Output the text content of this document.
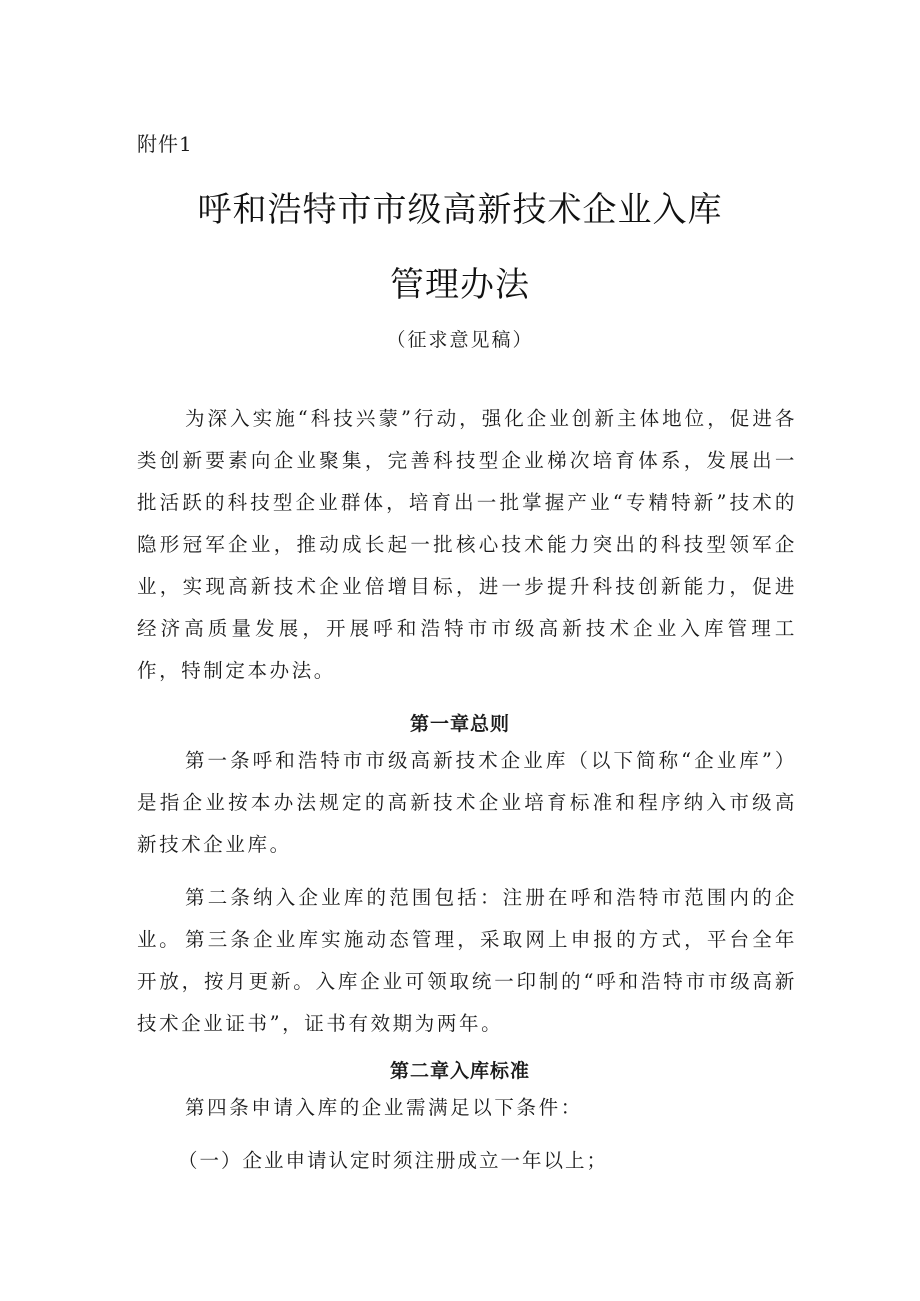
附件1
呼和浩特市市级高新技术企业入库
管理办法
（征求意见稿）

为深入实施“科技兴蒙”行动，强化企业创新主体地位，促进各类创新要素向企业聚集，完善科技型企业梯次培育体系，发展出一批活跃的科技型企业群体，培育出一批掌握产业“专精特新”技术的隐形冠军企业，推动成长起一批核心技术能力突出的科技型领军企业，实现高新技术企业倍增目标，进一步提升科技创新能力，促进经济高质量发展，开展呼和浩特市市级高新技术企业入库管理工作，特制定本办法。

第一章总则

第一条呼和浩特市市级高新技术企业库（以下简称“企业库”）是指企业按本办法规定的高新技术企业培育标准和程序纳入市级高新技术企业库。

第二条纳入企业库的范围包括：注册在呼和浩特市范围内的企业。 第三条企业库实施动态管理，采取网上申报的方式，平台全年开放，按月更新。入库企业可领取统一印制的“呼和浩特市市级高新技术企业证书”，证书有效期为两年。

第二章入库标准

第四条申请入库的企业需满足以下条件：

（一）企业申请认定时须注册成立一年以上；
